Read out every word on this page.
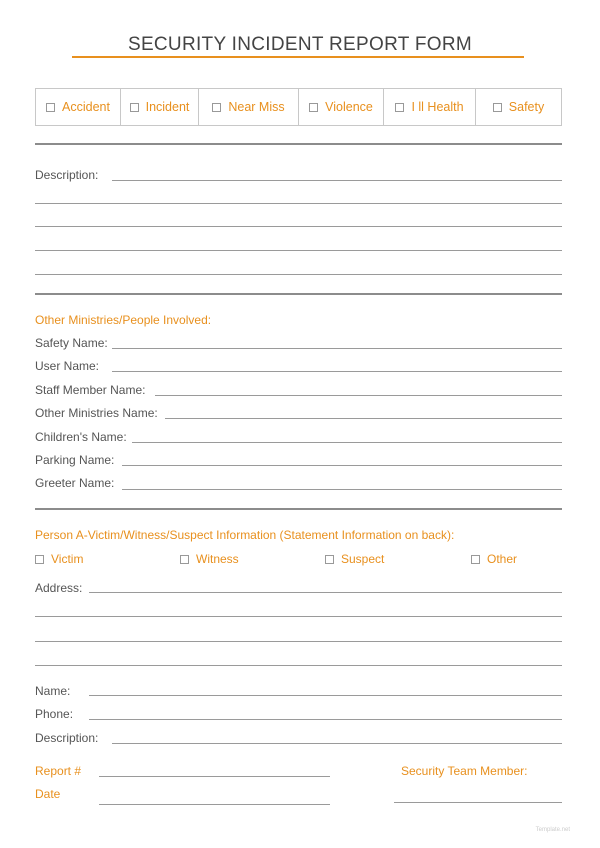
SECURITY INCIDENT REPORT FORM
Accident	Incident	Near Miss	Violence	I ll Health	Safety
Description:
Other Ministries/People Involved:
Safety Name:
User Name:
Staff Member Name:
Other Ministries Name:
Children's Name:
Parking Name:
Greeter Name:
Person A-Victim/Witness/Suspect Information (Statement Information on back):
Victim	Witness	Suspect	Other
Address:
Name:
Phone:
Description:
Report #	Security Team Member:
Date
Template.net
